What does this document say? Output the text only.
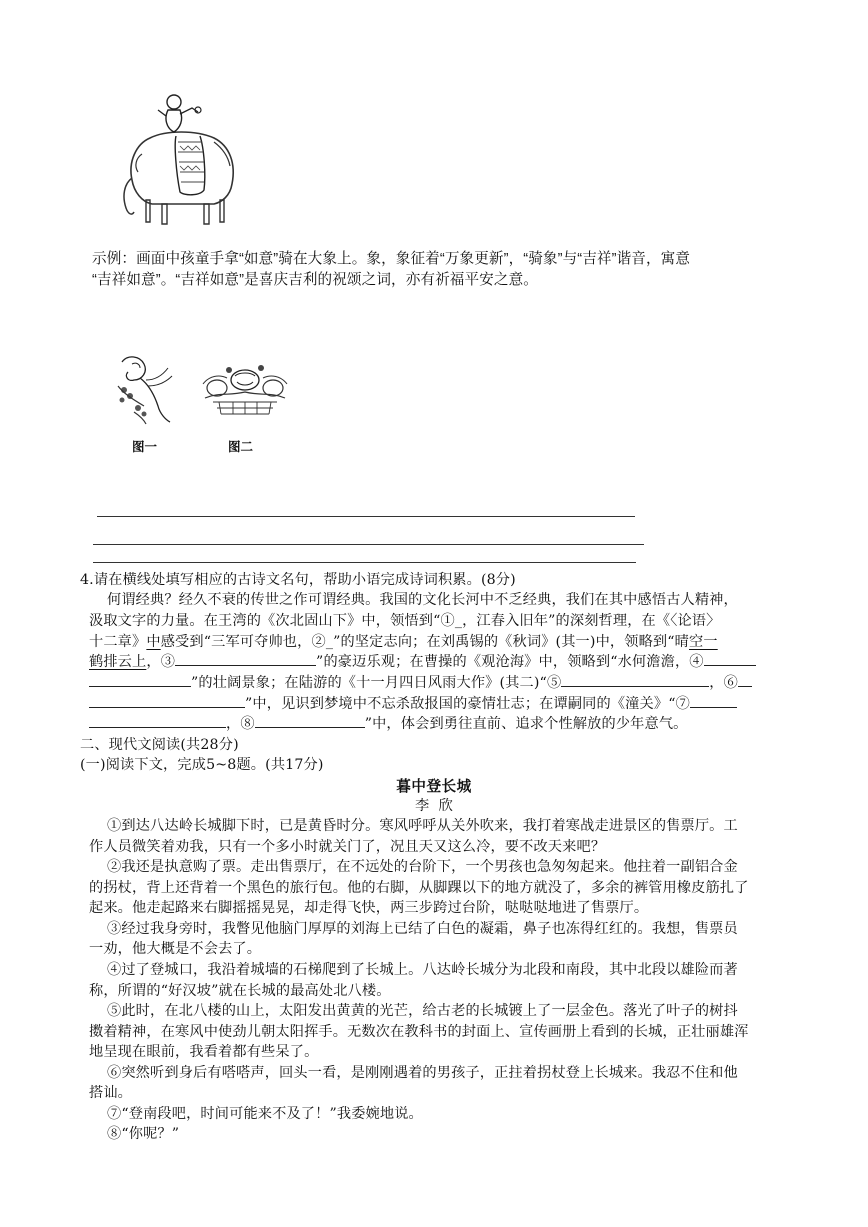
示例：画面中孩童手拿“如意”骑在大象上。象，象征着“万象更新”，“骑象”与“吉祥”谐音，寓意
“吉祥如意”。“吉祥如意”是喜庆吉利的祝颂之词，亦有祈福平安之意。
图一	图二
4.请在横线处填写相应的古诗文名句，帮助小语完成诗词积累。(8分)
何谓经典？经久不衰的传世之作可谓经典。我国的文化长河中不乏经典，我们在其中感悟古人精神，
汲取文字的力量。在王湾的《次北固山下》中，领悟到“①_，江春入旧年”的深刻哲理，在《〈论语〉
十二章》中感受到“三军可夺帅也，②_”的坚定志向；在刘禹锡的《秋词》(其一)中，领略到“晴空一
鹤排云上，③	”的豪迈乐观；在曹操的《观沧海》中，领略到“水何澹澹，④
”的壮阔景象；在陆游的《十一月四日风雨大作》(其二)“⑤	，⑥
”中，见识到梦境中不忘杀敌报国的豪情壮志；在谭嗣同的《潼关》“⑦
，⑧	”中，体会到勇往直前、追求个性解放的少年意气。
二、现代文阅读(共28分)
(一)阅读下文，完成5~8题。(共17分)
暮中登长城
李  欣
①到达八达岭长城脚下时，已是黄昏时分。寒风呼呼从关外吹来，我打着寒战走进景区的售票厅。工
作人员微笑着劝我，只有一个多小时就关门了，况且天又这么冷，要不改天来吧？
②我还是执意购了票。走出售票厅，在不远处的台阶下，一个男孩也急匆匆起来。他拄着一副铝合金
的拐杖，背上还背着一个黑色的旅行包。他的右脚，从脚踝以下的地方就没了，多余的裤管用橡皮筋扎了
起来。他走起路来右脚摇摇晃晃，却走得飞快，两三步跨过台阶，哒哒哒地进了售票厅。
③经过我身旁时，我瞥见他脑门厚厚的刘海上已结了白色的凝霜，鼻子也冻得红红的。我想，售票员
一劝，他大概是不会去了。
④过了登城口，我沿着城墙的石梯爬到了长城上。八达岭长城分为北段和南段，其中北段以雄险而著
称，所谓的“好汉坡”就在长城的最高处北八楼。
⑤此时，在北八楼的山上，太阳发出黄黄的光芒，给古老的长城镀上了一层金色。落光了叶子的树抖
擞着精神，在寒风中使劲儿朝太阳挥手。无数次在教科书的封面上、宣传画册上看到的长城，正壮丽雄浑
地呈现在眼前，我看着都有些呆了。
⑥突然听到身后有嗒嗒声，回头一看，是刚刚遇着的男孩子，正拄着拐杖登上长城来。我忍不住和他
搭讪。
⑦“登南段吧，时间可能来不及了！”我委婉地说。
⑧“你呢？”
